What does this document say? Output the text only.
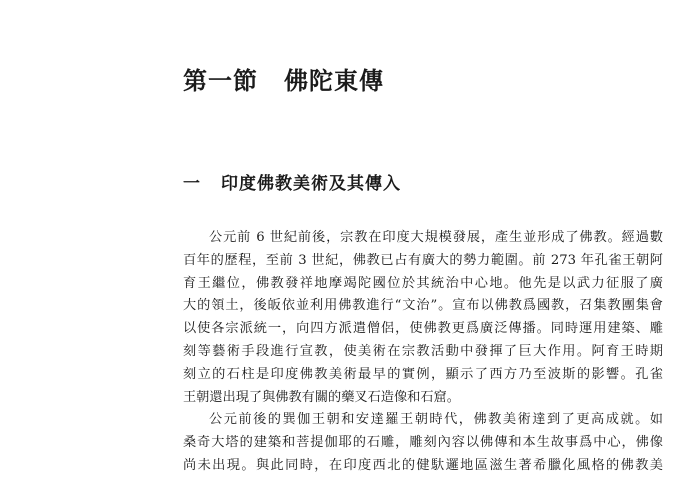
第一節 佛陀東傳
一 印度佛教美術及其傳入
公元前 6 世紀前後，宗教在印度大規模發展，產生並形成了佛教。經過數
百年的歷程，至前 3 世紀，佛教已占有廣大的勢力範圍。前 273 年孔雀王朝阿
育王繼位，佛教發祥地摩竭陀國位於其統治中心地。他先是以武力征服了廣
大的領土，後皈依並利用佛教進行“文治”。宣布以佛教爲國教，召集教團集會
以使各宗派統一，向四方派遣僧侶，使佛教更爲廣泛傳播。同時運用建築、雕
刻等藝術手段進行宣教，使美術在宗教活動中發揮了巨大作用。阿育王時期
刻立的石柱是印度佛教美術最早的實例，顯示了西方乃至波斯的影響。孔雀
王朝還出現了與佛教有關的藥叉石造像和石窟。
公元前後的巽伽王朝和安達羅王朝時代，佛教美術達到了更高成就。如
桑奇大塔的建築和菩提伽耶的石雕，雕刻內容以佛傳和本生故事爲中心，佛像
尚未出現。與此同時，在印度西北的健馱邏地區滋生著希臘化風格的佛教美
